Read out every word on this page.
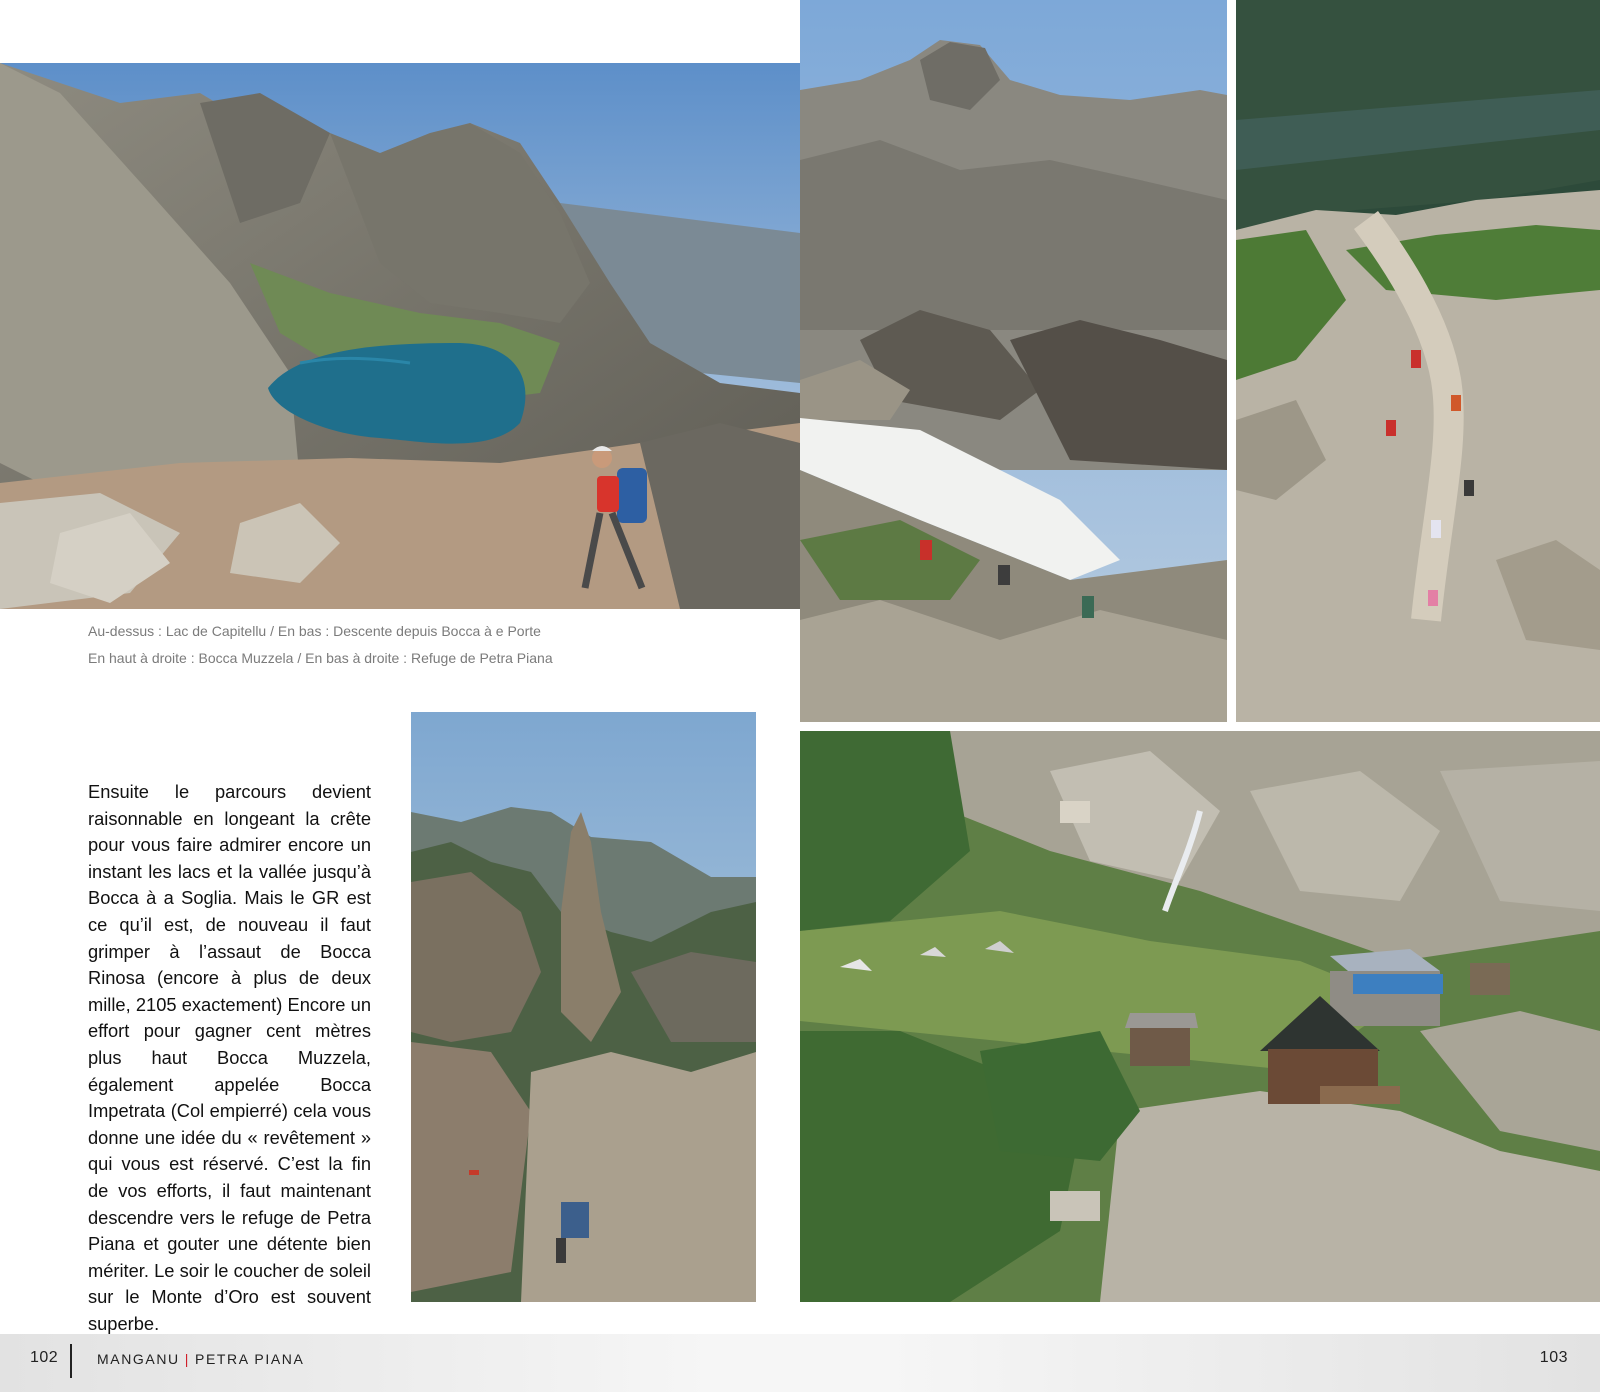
Au-dessus : Lac de Capitellu / En bas : Descente depuis Bocca à e Porte
En haut à droite : Bocca Muzzela / En bas à droite : Refuge de Petra Piana
Ensuite le parcours devient raisonnable en longeant la crête pour vous faire admirer encore un instant les lacs et la vallée jusqu’à Bocca à a Soglia. Mais le GR est ce qu’il est, de nouveau il faut grimper à l’assaut de Bocca Rinosa (encore à plus de deux mille, 2105 exactement) Encore un effort pour gagner cent mètres plus haut Bocca Muzzela, également appelée Bocca Impetrata (Col empierré) cela vous donne une idée du « revêtement » qui vous est réservé. C’est la fin de vos efforts, il faut maintenant descendre vers le refuge de Petra Piana et gouter une détente bien mériter. Le soir le coucher de soleil sur le Monte d’Oro est souvent superbe.
102	MANGANU | PETRA PIANA	103
